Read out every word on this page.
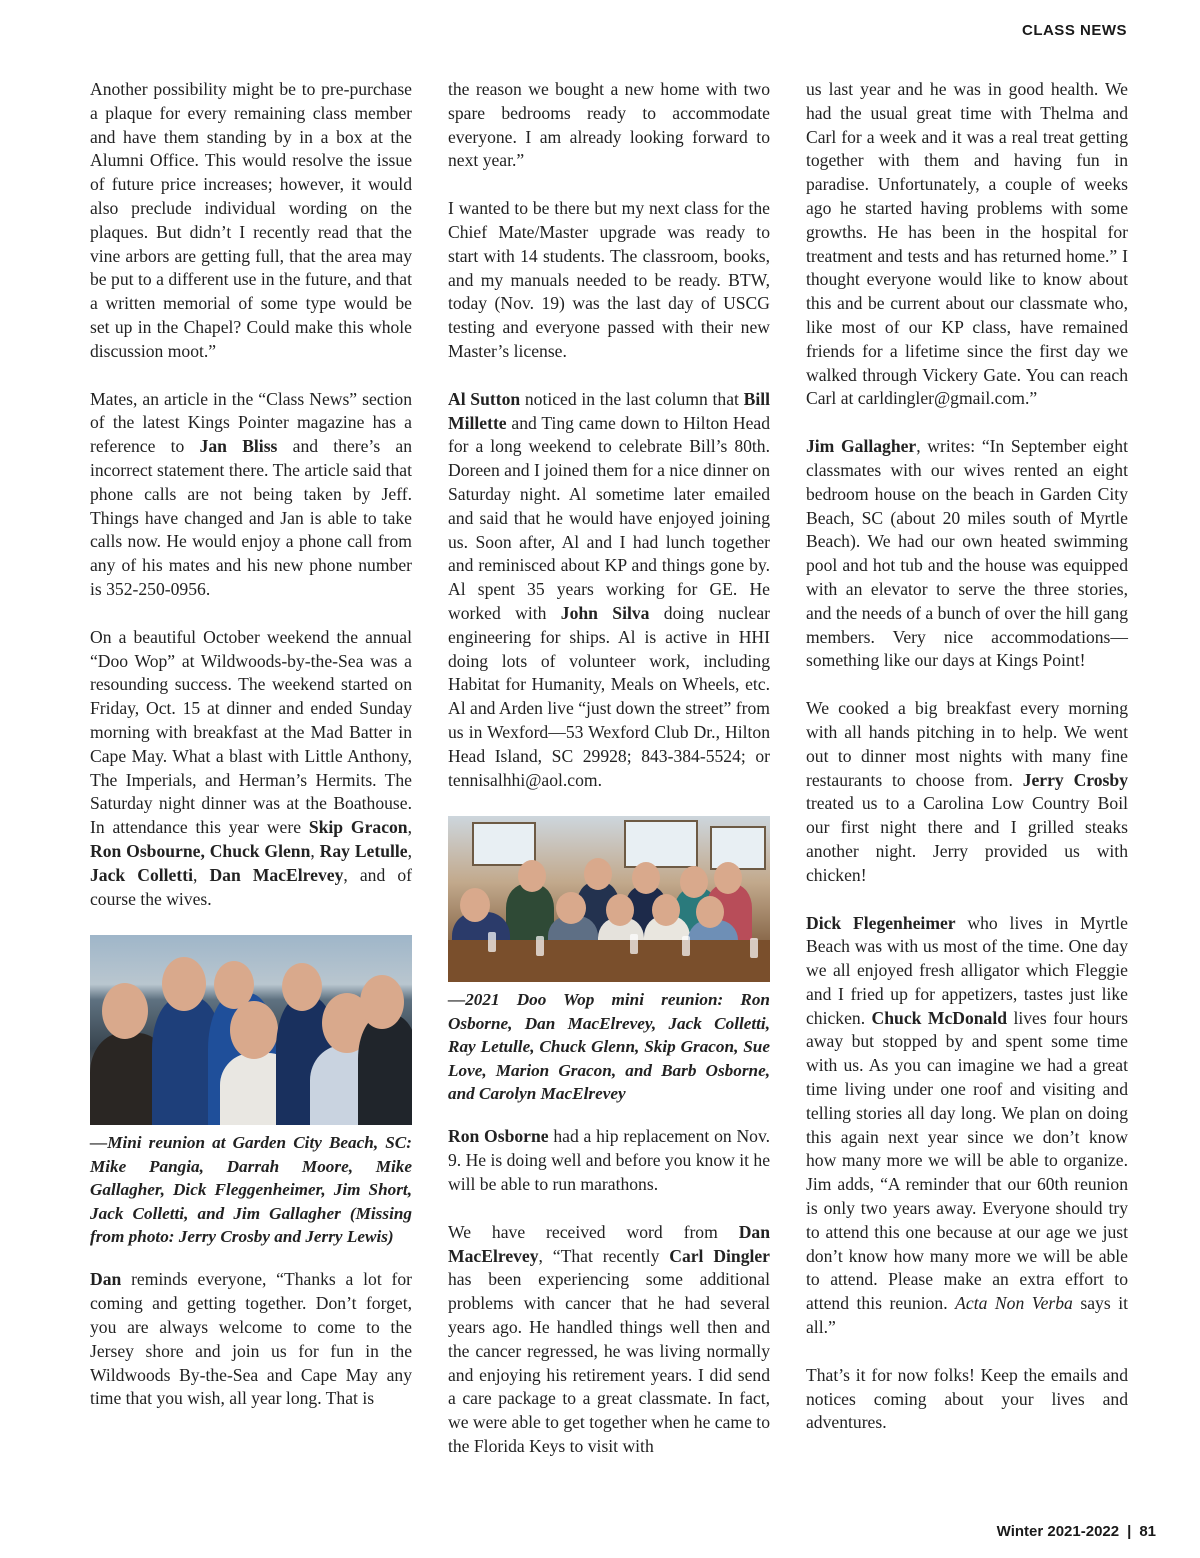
CLASS NEWS

Another possibility might be to pre-purchase a plaque for every remaining class member and have them standing by in a box at the Alumni Office. This would resolve the issue of future price increases; however, it would also preclude individual wording on the plaques. But didn’t I recently read that the vine arbors are getting full, that the area may be put to a different use in the future, and that a written memorial of some type would be set up in the Chapel? Could make this whole discussion moot.”

Mates, an article in the “Class News” section of the latest Kings Pointer magazine has a reference to Jan Bliss and there’s an incorrect statement there. The article said that phone calls are not being taken by Jeff. Things have changed and Jan is able to take calls now. He would enjoy a phone call from any of his mates and his new phone number is 352-250-0956.

On a beautiful October weekend the annual “Doo Wop” at Wildwoods-by-the-Sea was a resounding success. The weekend started on Friday, Oct. 15 at dinner and ended Sunday morning with breakfast at the Mad Batter in Cape May. What a blast with Little Anthony, The Imperials, and Herman’s Hermits. The Saturday night dinner was at the Boathouse. In attendance this year were Skip Gracon, Ron Osbourne, Chuck Glenn, Ray Letulle, Jack Colletti, Dan MacElrevey, and of course the wives.

—Mini reunion at Garden City Beach, SC: Mike Pangia, Darrah Moore, Mike Gallagher, Dick Fleggenheimer, Jim Short, Jack Colletti, and Jim Gallagher (Missing from photo: Jerry Crosby and Jerry Lewis)

Dan reminds everyone, “Thanks a lot for coming and getting together. Don’t forget, you are always welcome to come to the Jersey shore and join us for fun in the Wildwoods By-the-Sea and Cape May any time that you wish, all year long. That is

the reason we bought a new home with two spare bedrooms ready to accommodate everyone. I am already looking forward to next year.”

I wanted to be there but my next class for the Chief Mate/Master upgrade was ready to start with 14 students. The classroom, books, and my manuals needed to be ready. BTW, today (Nov. 19) was the last day of USCG testing and everyone passed with their new Master’s license.

Al Sutton noticed in the last column that Bill Millette and Ting came down to Hilton Head for a long weekend to celebrate Bill’s 80th. Doreen and I joined them for a nice dinner on Saturday night. Al sometime later emailed and said that he would have enjoyed joining us. Soon after, Al and I had lunch together and reminisced about KP and things gone by. Al spent 35 years working for GE. He worked with John Silva doing nuclear engineering for ships. Al is active in HHI doing lots of volunteer work, including Habitat for Humanity, Meals on Wheels, etc. Al and Arden live “just down the street” from us in Wexford—53 Wexford Club Dr., Hilton Head Island, SC 29928; 843-384-5524; or tennisalhhi@aol.com.

—2021 Doo Wop mini reunion: Ron Osborne, Dan MacElrevey, Jack Colletti, Ray Letulle, Chuck Glenn, Skip Gracon, Sue Love, Marion Gracon, and Barb Osborne, and Carolyn MacElrevey

Ron Osborne had a hip replacement on Nov. 9. He is doing well and before you know it he will be able to run marathons.

We have received word from Dan MacElrevey, “That recently Carl Dingler has been experiencing some additional problems with cancer that he had several years ago. He handled things well then and the cancer regressed, he was living normally and enjoying his retirement years. I did send a care package to a great classmate. In fact, we were able to get together when he came to the Florida Keys to visit with

us last year and he was in good health. We had the usual great time with Thelma and Carl for a week and it was a real treat getting together with them and having fun in paradise. Unfortunately, a couple of weeks ago he started having problems with some growths. He has been in the hospital for treatment and tests and has returned home.” I thought everyone would like to know about this and be current about our classmate who, like most of our KP class, have remained friends for a lifetime since the first day we walked through Vickery Gate. You can reach Carl at carldingler@gmail.com.”

Jim Gallagher, writes: “In September eight classmates with our wives rented an eight bedroom house on the beach in Garden City Beach, SC (about 20 miles south of Myrtle Beach). We had our own heated swimming pool and hot tub and the house was equipped with an elevator to serve the three stories, and the needs of a bunch of over the hill gang members. Very nice accommodations—something like our days at Kings Point!

We cooked a big breakfast every morning with all hands pitching in to help. We went out to dinner most nights with many fine restaurants to choose from. Jerry Crosby treated us to a Carolina Low Country Boil our first night there and I grilled steaks another night. Jerry provided us with chicken!

Dick Flegenheimer who lives in Myrtle Beach was with us most of the time. One day we all enjoyed fresh alligator which Fleggie and I fried up for appetizers, tastes just like chicken. Chuck McDonald lives four hours away but stopped by and spent some time with us. As you can imagine we had a great time living under one roof and visiting and telling stories all day long. We plan on doing this again next year since we don’t know how many more we will be able to organize. Jim adds, “A reminder that our 60th reunion is only two years away. Everyone should try to attend this one because at our age we just don’t know how many more we will be able to attend. Please make an extra effort to attend this reunion. Acta Non Verba says it all.”

That’s it for now folks! Keep the emails and notices coming about your lives and adventures.

Winter 2021-2022 | 81
